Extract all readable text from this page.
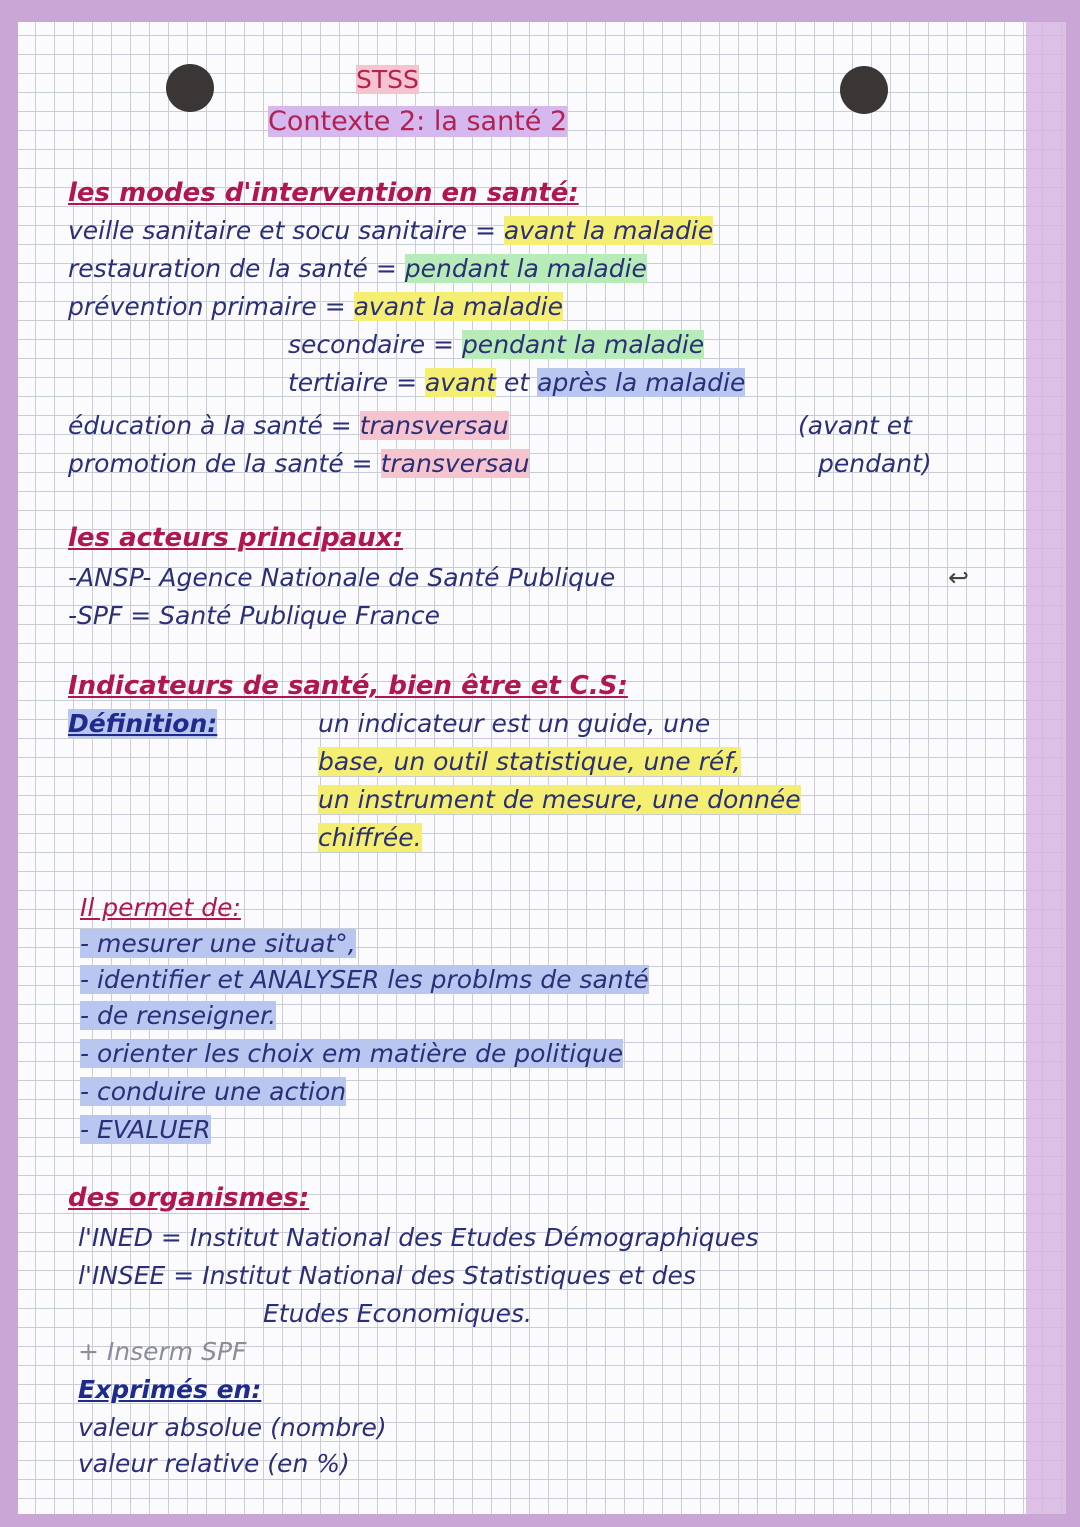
STSS
Contexte 2: la santé 2
les modes d'intervention en santé:
veille sanitaire et socu sanitaire = avant la maladie
restauration de la santé = pendant la maladie
prévention primaire = avant la maladie
secondaire = pendant la maladie
tertiaire = avant et après la maladie
éducation à la santé = transversau	(avant et
promotion de la santé = transversau	pendant)
les acteurs principaux:
-ANSP- Agence Nationale de Santé Publique	↩
-SPF = Santé Publique France
Indicateurs de santé, bien être et C.S:
Définition:	un indicateur est un guide, une
base, un outil statistique, une réf,
un instrument de mesure, une donnée
chiffrée.
Il permet de:
- mesurer une situat°,
- identifier et ANALYSER les problms de santé
- de renseigner.
- orienter les choix em matière de politique
- conduire une action
- EVALUER
des organismes:
l'INED = Institut National des Etudes Démographiques
l'INSEE = Institut National des Statistiques et des
Etudes Economiques.
+ Inserm SPF
Exprimés en:
valeur absolue (nombre)
valeur relative (en %)
